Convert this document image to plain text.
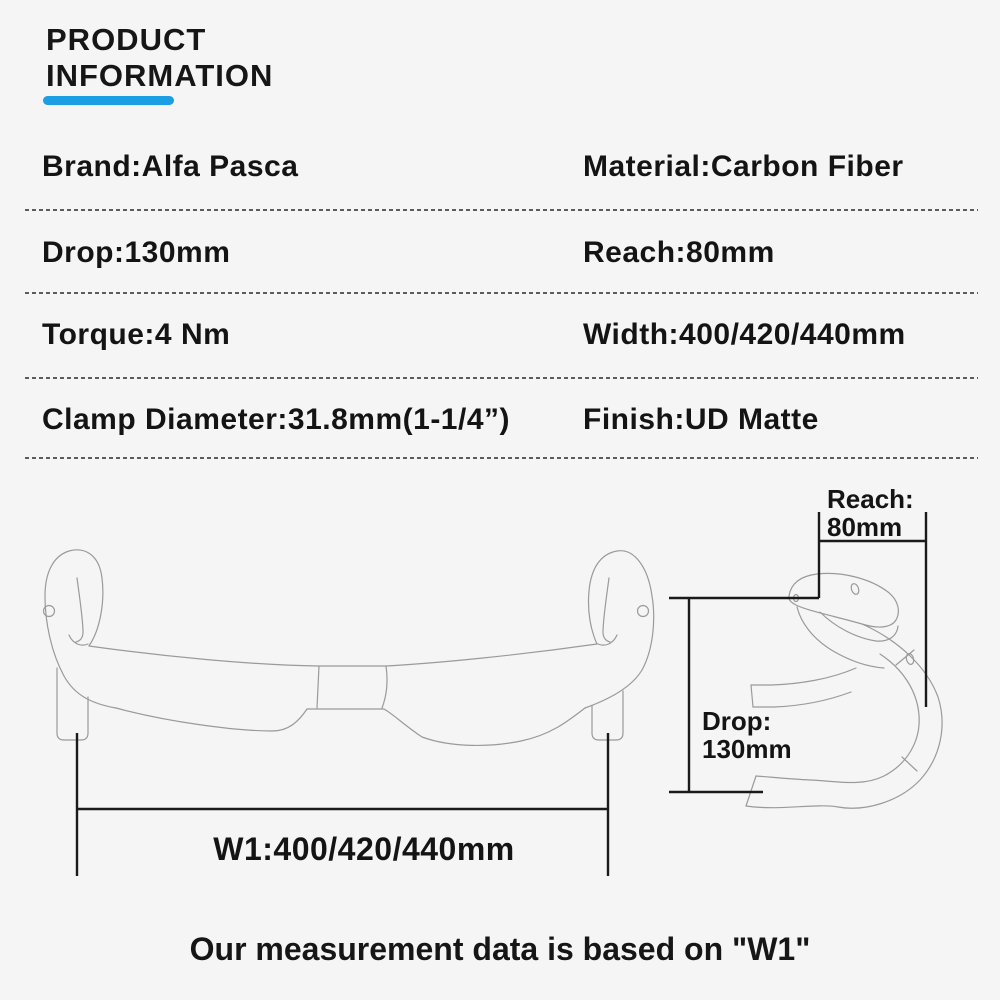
PRODUCT
INFORMATION
Brand:Alfa Pasca	Material:Carbon Fiber
Drop:130mm	Reach:80mm
Torque:4 Nm	Width:400/420/440mm
Clamp Diameter:31.8mm(1-1/4”) Finish:UD Matte
W1:400/420/440mm
Reach:
80mm
Drop:
130mm
Our measurement data is based on "W1"
